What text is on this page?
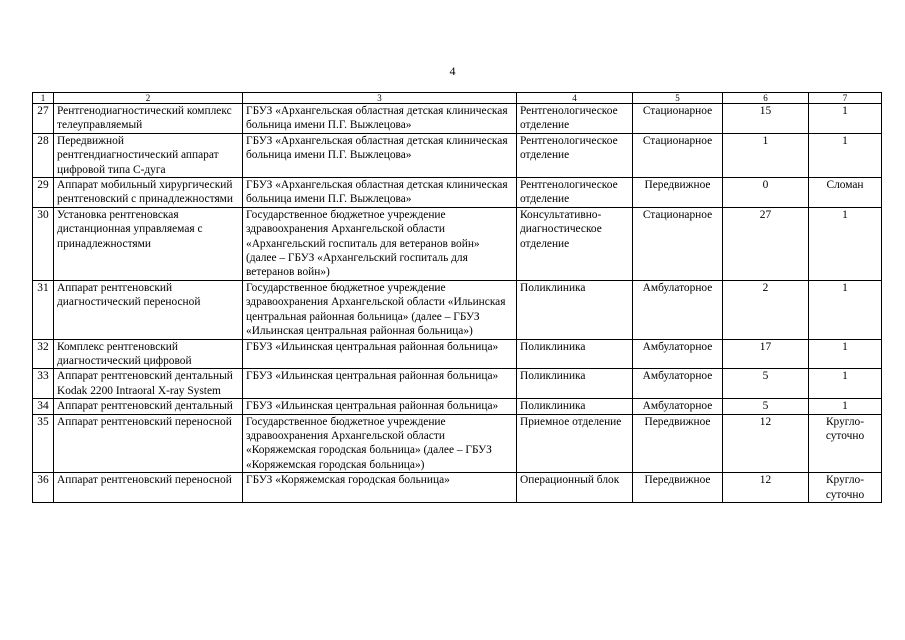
4
1	2	3	4	5	6	7
27	Рентгенодиагностический комплекс телеуправляемый	ГБУЗ «Архангельская областная детская клиническая больница имени П.Г. Выжлецова»	Рентгенологическое отделение	Стационарное	15	1
28	Передвижной рентгендиагностический аппарат цифровой типа С-дуга	ГБУЗ «Архангельская областная детская клиническая больница имени П.Г. Выжлецова»	Рентгенологическое отделение	Стационарное	1	1
29	Аппарат мобильный хирургический рентгеновский с принадлежностями	ГБУЗ «Архангельская областная детская клиническая больница имени П.Г. Выжлецова»	Рентгенологическое отделение	Передвижное	0	Сломан
30	Установка рентгеновская дистанционная управляемая с принадлежностями	Государственное бюджетное учреждение здравоохранения Архангельской области «Архангельский госпиталь для ветеранов войн» (далее – ГБУЗ «Архангельский госпиталь для ветеранов войн»)	Консультативно-диагностическое отделение	Стационарное	27	1
31	Аппарат рентгеновский диагностический переносной	Государственное бюджетное учреждение здравоохранения Архангельской области «Ильинская центральная районная больница» (далее – ГБУЗ «Ильинская центральная районная больница»)	Поликлиника	Амбулаторное	2	1
32	Комплекс рентгеновский диагностический цифровой	ГБУЗ «Ильинская центральная районная больница»	Поликлиника	Амбулаторное	17	1
33	Аппарат рентгеновский дентальный Kodak 2200 Intraoral X-ray System	ГБУЗ «Ильинская центральная районная больница»	Поликлиника	Амбулаторное	5	1
34	Аппарат рентгеновский дентальный	ГБУЗ «Ильинская центральная районная больница»	Поликлиника	Амбулаторное	5	1
35	Аппарат рентгеновский переносной	Государственное бюджетное учреждение здравоохранения Архангельской области «Коряжемская городская больница» (далее – ГБУЗ «Коряжемская городская больница»)	Приемное отделение	Передвижное	12	Кругло-суточно
36	Аппарат рентгеновский переносной	ГБУЗ «Коряжемская городская больница»	Операционный блок	Передвижное	12	Кругло-суточно
